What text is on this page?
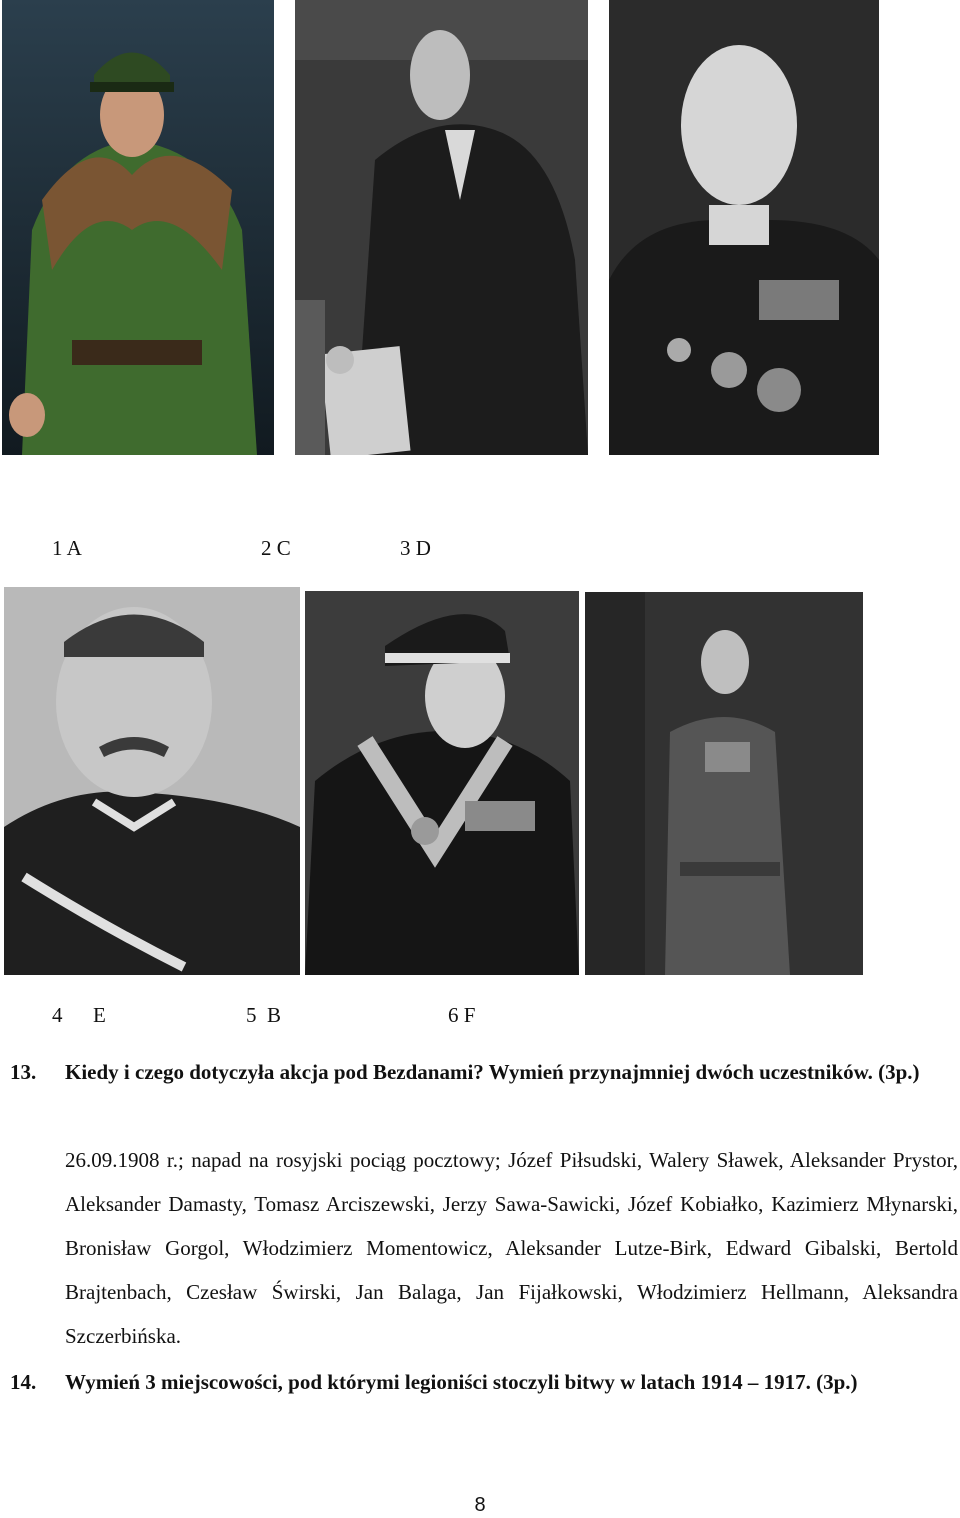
1 A	2 C	3 D
4 E	5  B	6 F
13. Kiedy i czego dotyczyła akcja pod Bezdanami? Wymień przynajmniej dwóch uczestników. (3p.)
26.09.1908 r.; napad na rosyjski pociąg pocztowy; Józef Piłsudski, Walery Sławek, Aleksander Prystor, Aleksander Damasty, Tomasz Arciszewski, Jerzy Sawa-Sawicki, Józef Kobiałko, Kazimierz Młynarski, Bronisław Gorgol, Włodzimierz Momentowicz, Aleksander Lutze-Birk, Edward Gibalski, Bertold Brajtenbach, Czesław Świrski, Jan Balaga, Jan Fijałkowski, Włodzimierz Hellmann, Aleksandra Szczerbińska.
14. Wymień 3 miejscowości, pod którymi legioniści stoczyli bitwy w latach 1914 – 1917. (3p.)
8
